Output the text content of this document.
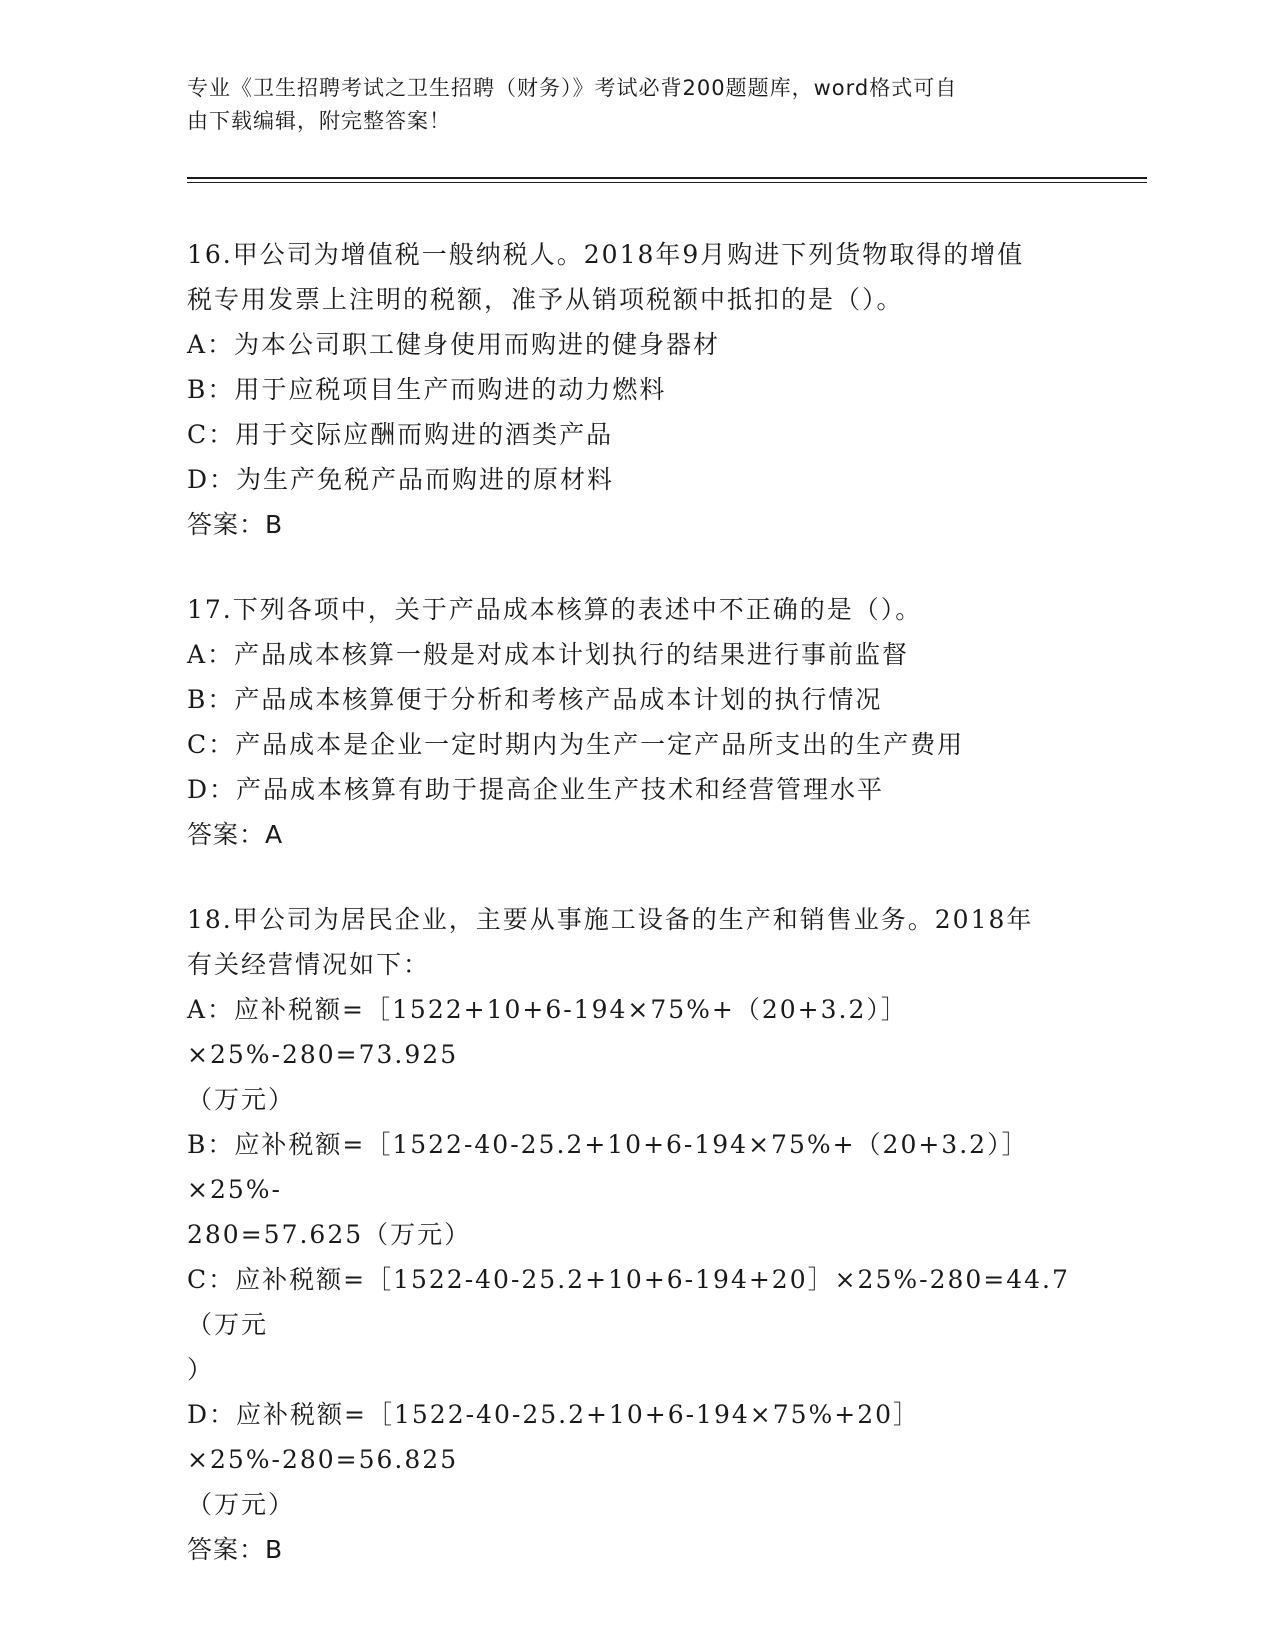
专业《卫生招聘考试之卫生招聘（财务）》考试必背200题题库，word格式可自
由下载编辑，附完整答案！
16.甲公司为增值税一般纳税人。2018年9月购进下列货物取得的增值
税专用发票上注明的税额，准予从销项税额中抵扣的是（）。
A：为本公司职工健身使用而购进的健身器材
B：用于应税项目生产而购进的动力燃料
C：用于交际应酬而购进的酒类产品
D：为生产免税产品而购进的原材料
答案：B
17.下列各项中，关于产品成本核算的表述中不正确的是（）。
A：产品成本核算一般是对成本计划执行的结果进行事前监督
B：产品成本核算便于分析和考核产品成本计划的执行情况
C：产品成本是企业一定时期内为生产一定产品所支出的生产费用
D：产品成本核算有助于提高企业生产技术和经营管理水平
答案：A
18.甲公司为居民企业，主要从事施工设备的生产和销售业务。2018年
有关经营情况如下：
A：应补税额=［1522+10+6-194×75%+（20+3.2）］×25%-280=73.925
（万元）
B：应补税额=［1522-40-25.2+10+6-194×75%+（20+3.2）］×25%-
280=57.625（万元）
C：应补税额=［1522-40-25.2+10+6-194+20］×25%-280=44.7（万元
）
D：应补税额=［1522-40-25.2+10+6-194×75%+20］×25%-280=56.825
（万元）
答案：B
